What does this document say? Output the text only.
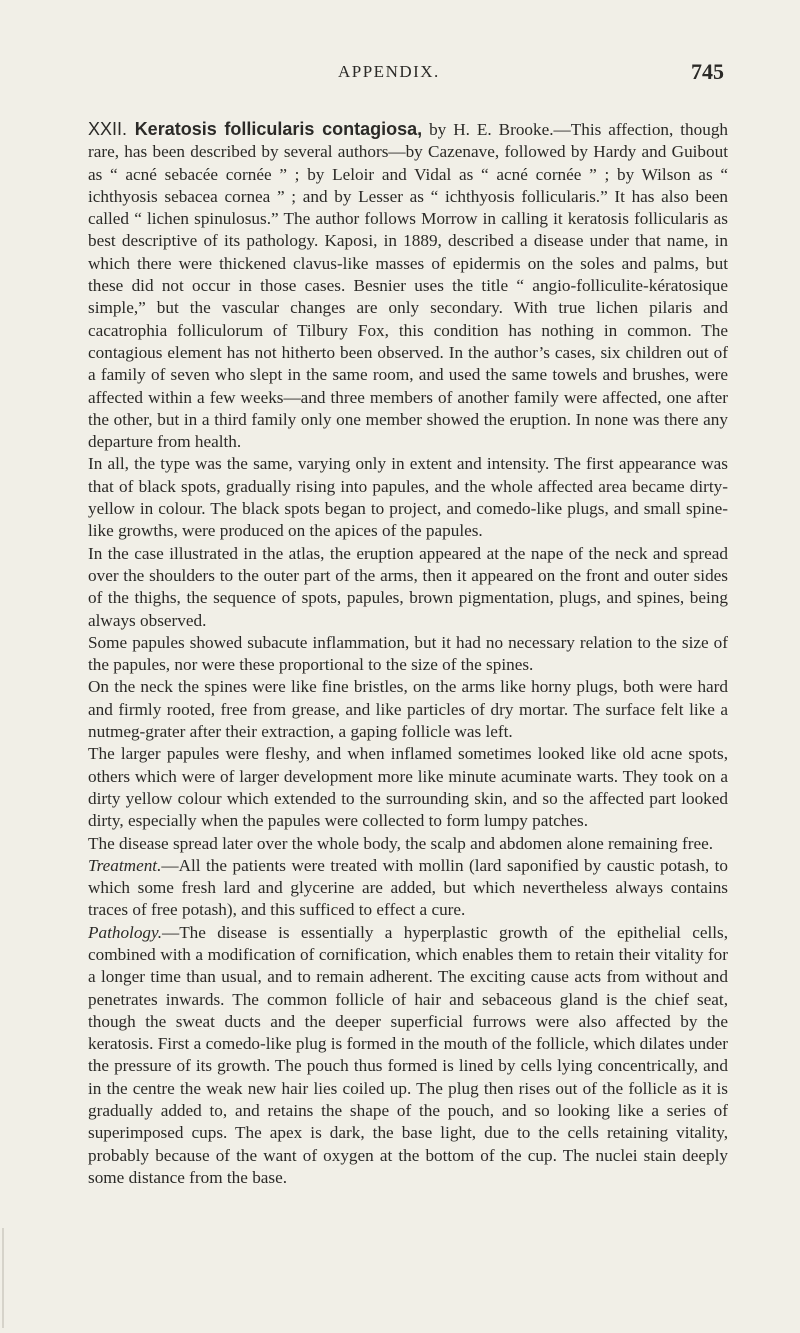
APPENDIX.	745

XXII. Keratosis follicularis contagiosa, by H. E. Brooke.—This affection, though rare, has been described by several authors—by Cazenave, followed by Hardy and Guibout as “ acné sebacée cornée ” ; by Leloir and Vidal as “ acné cornée ” ; by Wilson as “ ichthyosis sebacea cornea ” ; and by Lesser as “ ichthyosis follicularis.” It has also been called “ lichen spinulosus.” The author follows Morrow in calling it keratosis follicularis as best descriptive of its pathology. Kaposi, in 1889, described a disease under that name, in which there were thickened clavus-like masses of epidermis on the soles and palms, but these did not occur in those cases. Besnier uses the title “ angio-folliculite-kératosique simple,” but the vascular changes are only secondary. With true lichen pilaris and cacatrophia folliculorum of Tilbury Fox, this condition has nothing in common. The contagious element has not hitherto been observed. In the author’s cases, six children out of a family of seven who slept in the same room, and used the same towels and brushes, were affected within a few weeks—and three members of another family were affected, one after the other, but in a third family only one member showed the eruption. In none was there any departure from health.

In all, the type was the same, varying only in extent and intensity. The first appearance was that of black spots, gradually rising into papules, and the whole affected area became dirty-yellow in colour. The black spots began to project, and comedo-like plugs, and small spine-like growths, were produced on the apices of the papules.

In the case illustrated in the atlas, the eruption appeared at the nape of the neck and spread over the shoulders to the outer part of the arms, then it appeared on the front and outer sides of the thighs, the sequence of spots, papules, brown pigmentation, plugs, and spines, being always observed.

Some papules showed subacute inflammation, but it had no necessary relation to the size of the papules, nor were these proportional to the size of the spines.

On the neck the spines were like fine bristles, on the arms like horny plugs, both were hard and firmly rooted, free from grease, and like particles of dry mortar. The surface felt like a nutmeg-grater after their extraction, a gaping follicle was left.

The larger papules were fleshy, and when inflamed sometimes looked like old acne spots, others which were of larger development more like minute acuminate warts. They took on a dirty yellow colour which extended to the surrounding skin, and so the affected part looked dirty, especially when the papules were collected to form lumpy patches.

The disease spread later over the whole body, the scalp and abdomen alone remaining free.

Treatment.—All the patients were treated with mollin (lard saponified by caustic potash, to which some fresh lard and glycerine are added, but which nevertheless always contains traces of free potash), and this sufficed to effect a cure.

Pathology.—The disease is essentially a hyperplastic growth of the epithelial cells, combined with a modification of cornification, which enables them to retain their vitality for a longer time than usual, and to remain adherent. The exciting cause acts from without and penetrates inwards. The common follicle of hair and sebaceous gland is the chief seat, though the sweat ducts and the deeper superficial furrows were also affected by the keratosis. First a comedo-like plug is formed in the mouth of the follicle, which dilates under the pressure of its growth. The pouch thus formed is lined by cells lying concentrically, and in the centre the weak new hair lies coiled up. The plug then rises out of the follicle as it is gradually added to, and retains the shape of the pouch, and so looking like a series of superimposed cups. The apex is dark, the base light, due to the cells retaining vitality, probably because of the want of oxygen at the bottom of the cup. The nuclei stain deeply some distance from the base.
